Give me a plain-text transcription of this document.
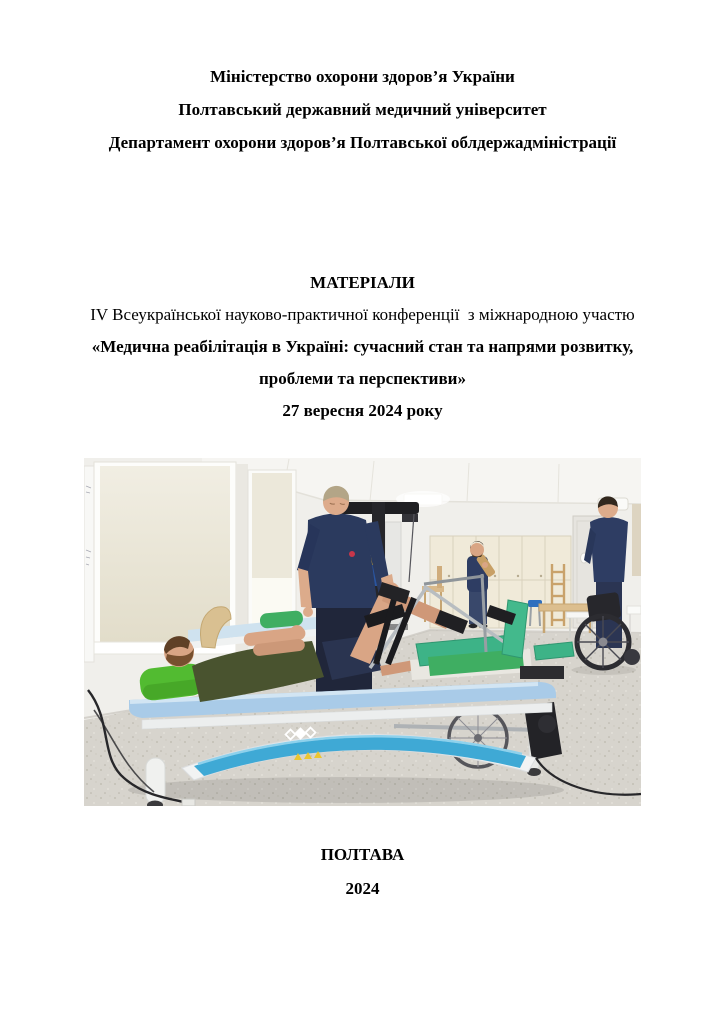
Міністерство охорони здоров’я України

Полтавський державний медичний університет

Департамент охорони здоров’я Полтавської облдержадміністрації

МАТЕРІАЛИ

IV Всеукраїнської науково-практичної конференції  з міжнародною участю

«Медична реабілітація в Україні: сучасний стан та напрями розвитку,

проблеми та перспективи»

27 вересня 2024 року

ПОЛТАВА

2024
